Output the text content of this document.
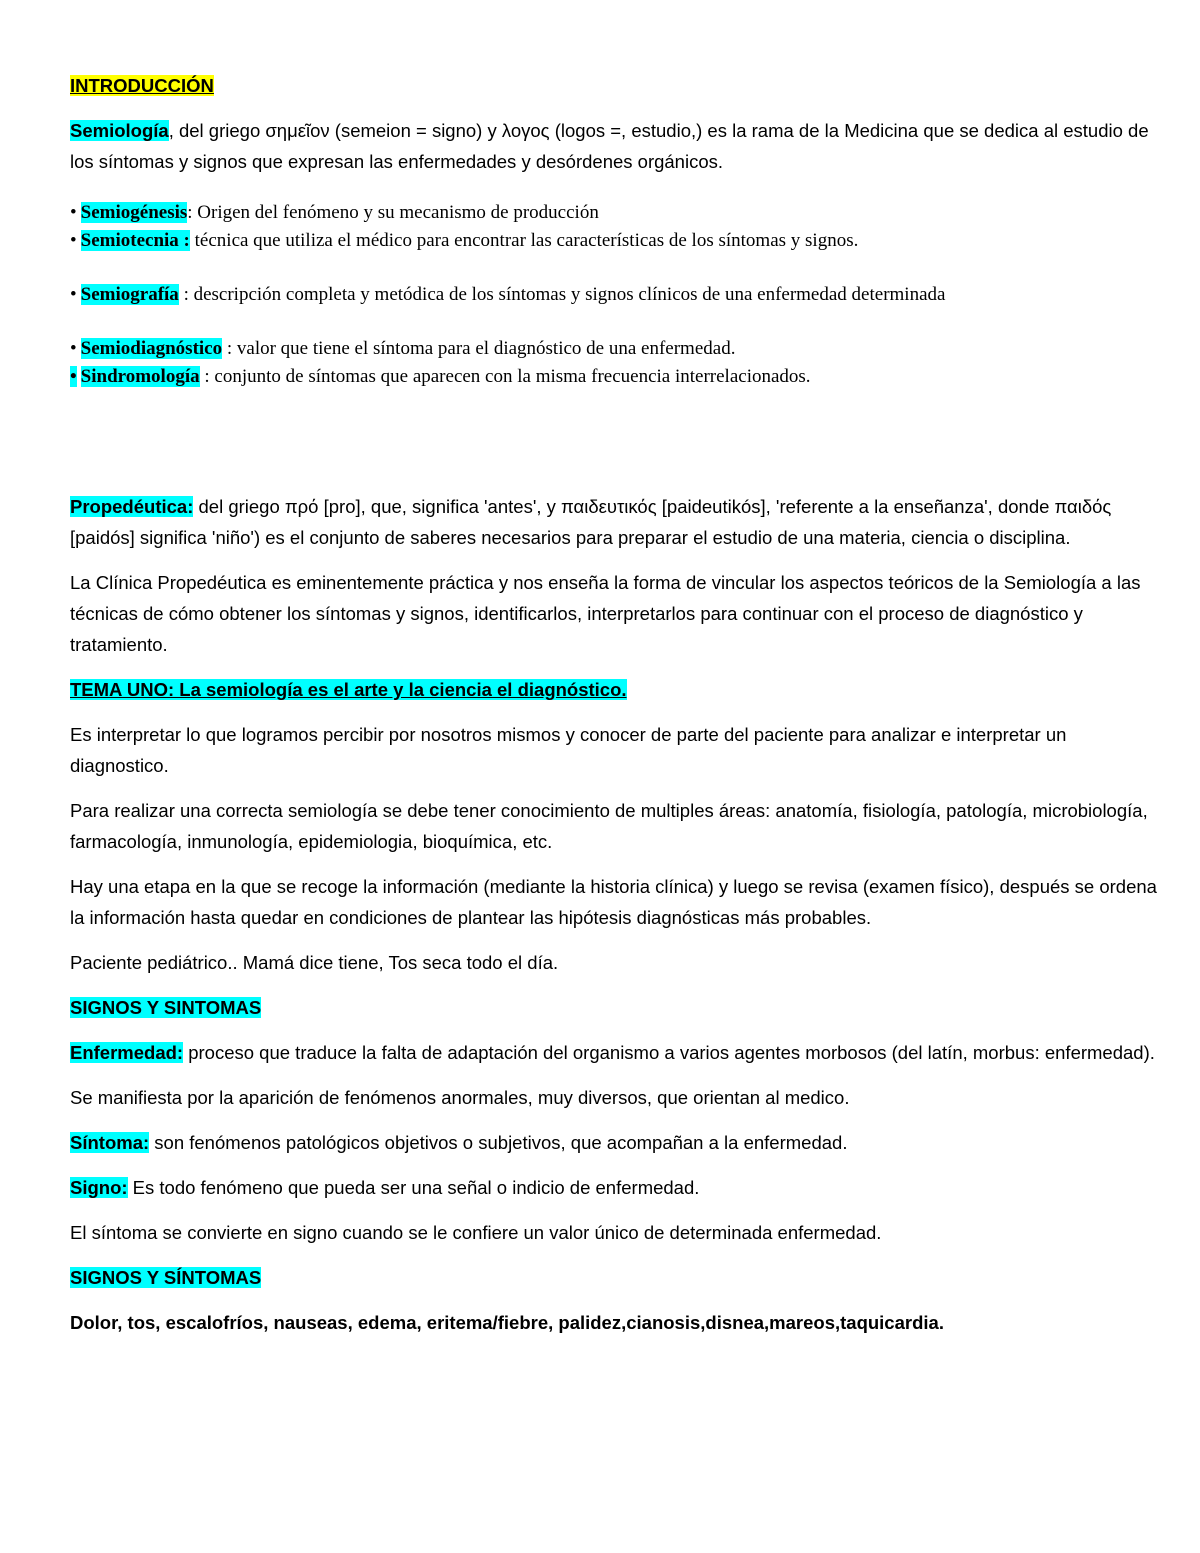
INTRODUCCIÓN

Semiología, del griego σημεῖον (semeion = signo) y λογος (logos =, estudio,) es la rama de la Medicina que se dedica al estudio de los síntomas y signos que expresan las enfermedades y desórdenes orgánicos.

• Semiogénesis: Origen del fenómeno y su mecanismo de producción
• Semiotecnia : técnica que utiliza el médico para encontrar las características de los síntomas y signos.
• Semiografía : descripción completa y metódica de los síntomas y signos clínicos de una enfermedad determinada
• Semiodiagnóstico : valor que tiene el síntoma para el diagnóstico de una enfermedad.
• Sindromología : conjunto de síntomas que aparecen con la misma frecuencia interrelacionados.

Propedéutica: del griego πρό [pro], que, significa 'antes', y παιδευτικός [paideutikós], 'referente a la enseñanza', donde παιδός [paidós] significa 'niño') es el conjunto de saberes necesarios para preparar el estudio de una materia, ciencia o disciplina.

La Clínica Propedéutica es eminentemente práctica y nos enseña la forma de vincular los aspectos teóricos de la Semiología a las técnicas de cómo obtener los síntomas y signos, identificarlos, interpretarlos para continuar con el proceso de diagnóstico y tratamiento.

TEMA UNO: La semiología es el arte y la ciencia el diagnóstico.

Es interpretar lo que logramos percibir por nosotros mismos y conocer de parte del paciente para analizar e interpretar un diagnostico.

Para realizar una correcta semiología se debe tener conocimiento de multiples áreas: anatomía, fisiología, patología, microbiología, farmacología, inmunología, epidemiologia, bioquímica, etc.

Hay una etapa en la que se recoge la información (mediante la historia clínica) y luego se revisa (examen físico), después se ordena la información hasta quedar en condiciones de plantear las hipótesis diagnósticas más probables.

Paciente pediátrico.. Mamá dice tiene, Tos seca todo el día.

SIGNOS Y SINTOMAS

Enfermedad: proceso que traduce la falta de adaptación del organismo a varios agentes morbosos (del latín, morbus: enfermedad).

Se manifiesta por la aparición de fenómenos anormales, muy diversos, que orientan al medico.

Síntoma: son fenómenos patológicos objetivos o subjetivos, que acompañan a la enfermedad.

Signo: Es todo fenómeno que pueda ser una señal o indicio de enfermedad.

El síntoma se convierte en signo cuando se le confiere un valor único de determinada enfermedad.

SIGNOS Y SÍNTOMAS

Dolor, tos, escalofríos, nauseas, edema, eritema/fiebre, palidez,cianosis,disnea,mareos,taquicardia.
